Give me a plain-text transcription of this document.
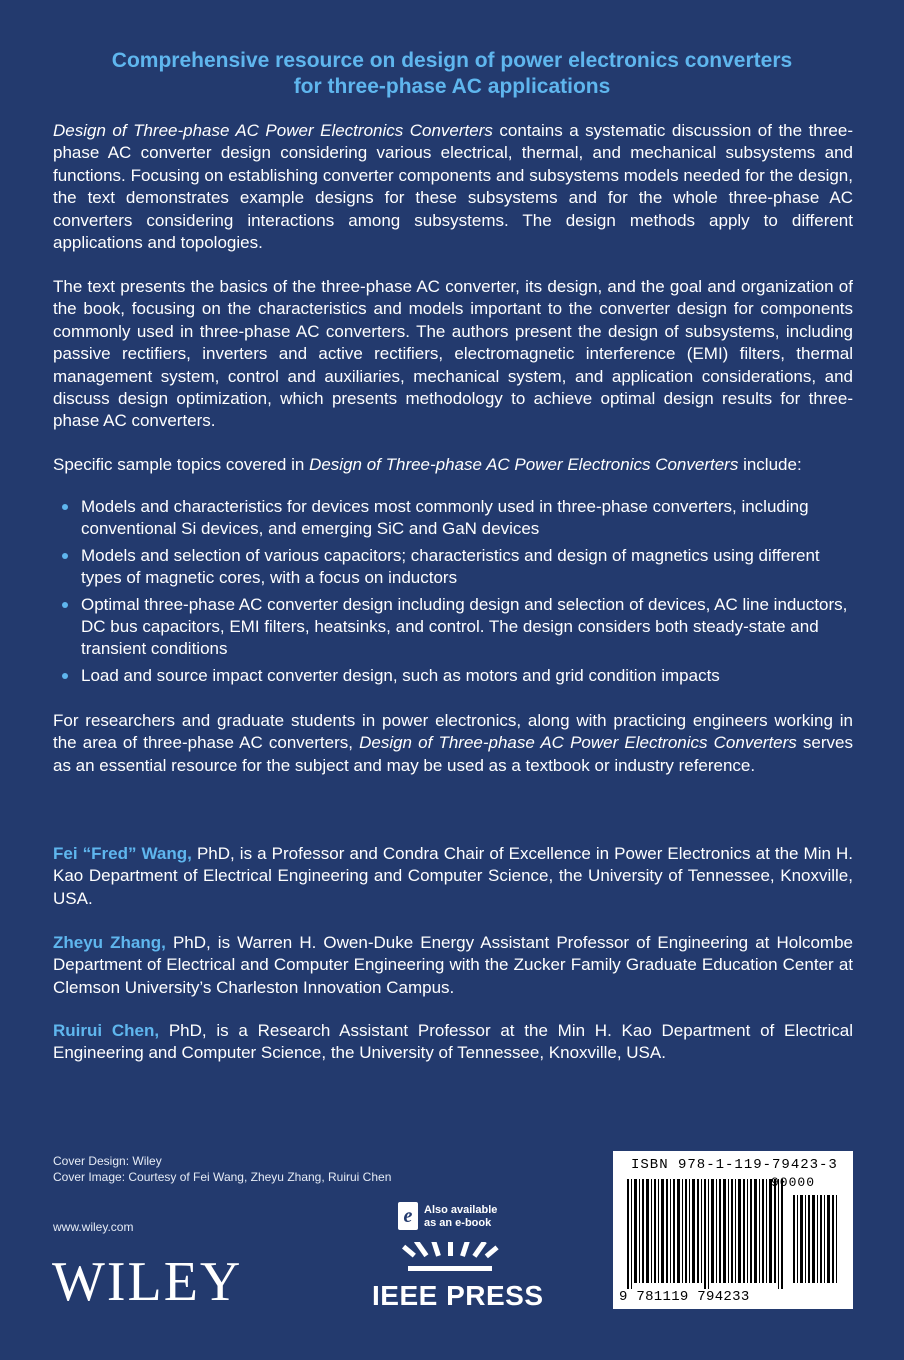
Comprehensive resource on design of power electronics converters
for three-phase AC applications
Design of Three-phase AC Power Electronics Converters contains a systematic discussion of the three-phase AC converter design considering various electrical, thermal, and mechanical subsystems and functions. Focusing on establishing converter components and subsystems models needed for the design, the text demonstrates example designs for these subsystems and for the whole three-phase AC converters considering interactions among subsystems. The design methods apply to different applications and topologies.
The text presents the basics of the three-phase AC converter, its design, and the goal and organization of the book, focusing on the characteristics and models important to the converter design for components commonly used in three-phase AC converters. The authors present the design of subsystems, including passive rectifiers, inverters and active rectifiers, electromagnetic interference (EMI) filters, thermal management system, control and auxiliaries, mechanical system, and application considerations, and discuss design optimization, which presents methodology to achieve optimal design results for three-phase AC converters.
Specific sample topics covered in Design of Three-phase AC Power Electronics Converters include:
Models and characteristics for devices most commonly used in three-phase converters, including conventional Si devices, and emerging SiC and GaN devices
Models and selection of various capacitors; characteristics and design of magnetics using different types of magnetic cores, with a focus on inductors
Optimal three-phase AC converter design including design and selection of devices, AC line inductors, DC bus capacitors, EMI filters, heatsinks, and control. The design considers both steady-state and transient conditions
Load and source impact converter design, such as motors and grid condition impacts
For researchers and graduate students in power electronics, along with practicing engineers working in the area of three-phase AC converters, Design of Three-phase AC Power Electronics Converters serves as an essential resource for the subject and may be used as a textbook or industry reference.
Fei “Fred” Wang, PhD, is a Professor and Condra Chair of Excellence in Power Electronics at the Min H. Kao Department of Electrical Engineering and Computer Science, the University of Tennessee, Knoxville, USA.
Zheyu Zhang, PhD, is Warren H. Owen-Duke Energy Assistant Professor of Engineering at Holcombe Department of Electrical and Computer Engineering with the Zucker Family Graduate Education Center at Clemson University’s Charleston Innovation Campus.
Ruirui Chen, PhD, is a Research Assistant Professor at the Min H. Kao Department of Electrical Engineering and Computer Science, the University of Tennessee, Knoxville, USA.
Cover Design: Wiley
Cover Image: Courtesy of Fei Wang, Zheyu Zhang, Ruirui Chen
www.wiley.com
WILEY
e	Also available
as an e-book
IEEE PRESS
ISBN 978-1-119-79423-3
90000
9 781119 794233
